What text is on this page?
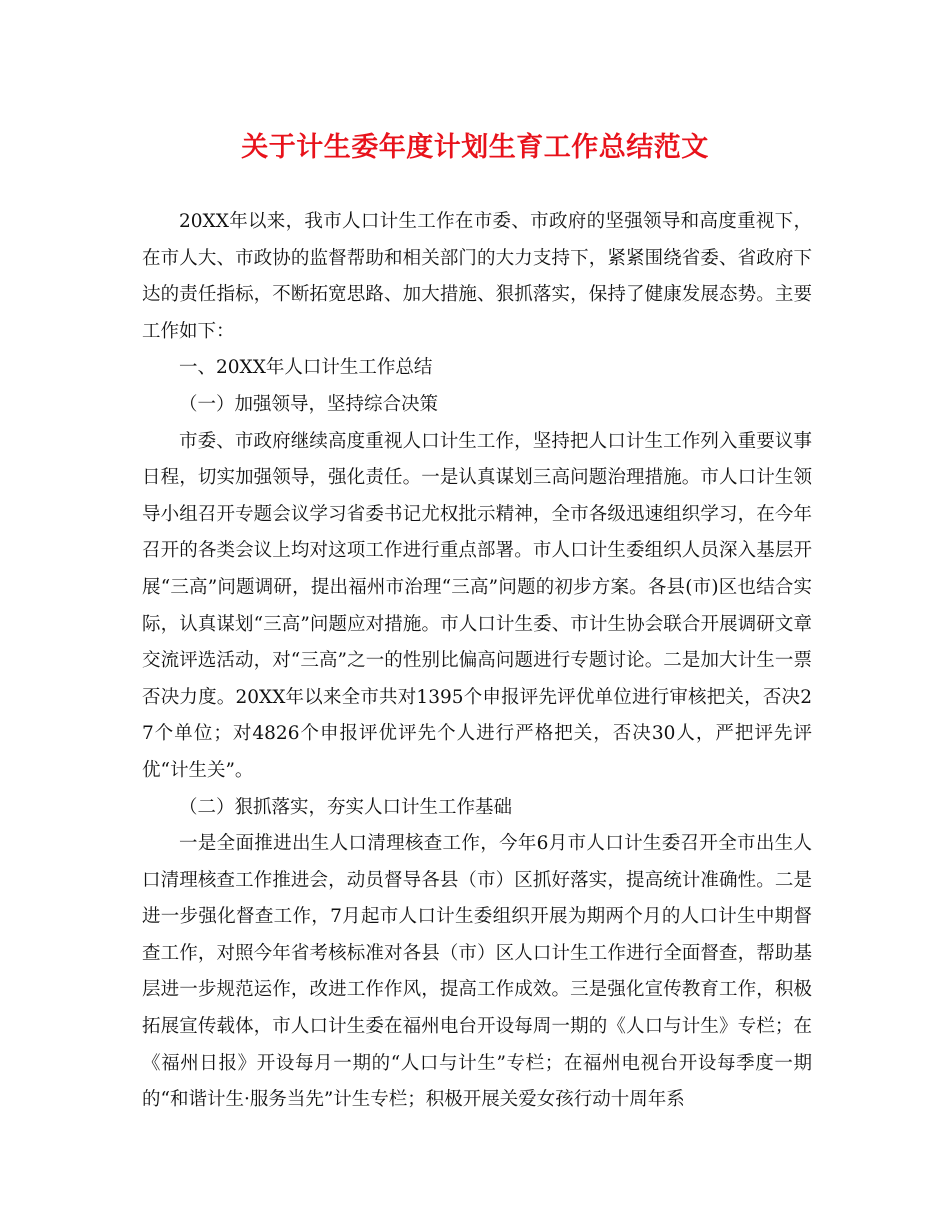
关于计生委年度计划生育工作总结范文

20XX年以来，我市人口计生工作在市委、市政府的坚强领导和高度重视下，在市人大、市政协的监督帮助和相关部门的大力支持下，紧紧围绕省委、省政府下达的责任指标，不断拓宽思路、加大措施、狠抓落实，保持了健康发展态势。主要工作如下：

一、20XX年人口计生工作总结

（一）加强领导，坚持综合决策

市委、市政府继续高度重视人口计生工作，坚持把人口计生工作列入重要议事日程，切实加强领导，强化责任。一是认真谋划三高问题治理措施。市人口计生领导小组召开专题会议学习省委书记尤权批示精神，全市各级迅速组织学习，在今年召开的各类会议上均对这项工作进行重点部署。市人口计生委组织人员深入基层开展“三高”问题调研，提出福州市治理“三高”问题的初步方案。各县(市)区也结合实际，认真谋划“三高”问题应对措施。市人口计生委、市计生协会联合开展调研文章交流评选活动，对“三高”之一的性别比偏高问题进行专题讨论。二是加大计生一票否决力度。20XX年以来全市共对1395个申报评先评优单位进行审核把关，否决27个单位；对4826个申报评优评先个人进行严格把关，否决30人，严把评先评优“计生关”。

（二）狠抓落实，夯实人口计生工作基础

一是全面推进出生人口清理核查工作，今年6月市人口计生委召开全市出生人口清理核查工作推进会，动员督导各县（市）区抓好落实，提高统计准确性。二是进一步强化督查工作，7月起市人口计生委组织开展为期两个月的人口计生中期督查工作，对照今年省考核标准对各县（市）区人口计生工作进行全面督查，帮助基层进一步规范运作，改进工作作风，提高工作成效。三是强化宣传教育工作，积极拓展宣传载体，市人口计生委在福州电台开设每周一期的《人口与计生》专栏；在《福州日报》开设每月一期的“人口与计生”专栏；在福州电视台开设每季度一期的“和谐计生·服务当先”计生专栏；积极开展关爱女孩行动十周年系
